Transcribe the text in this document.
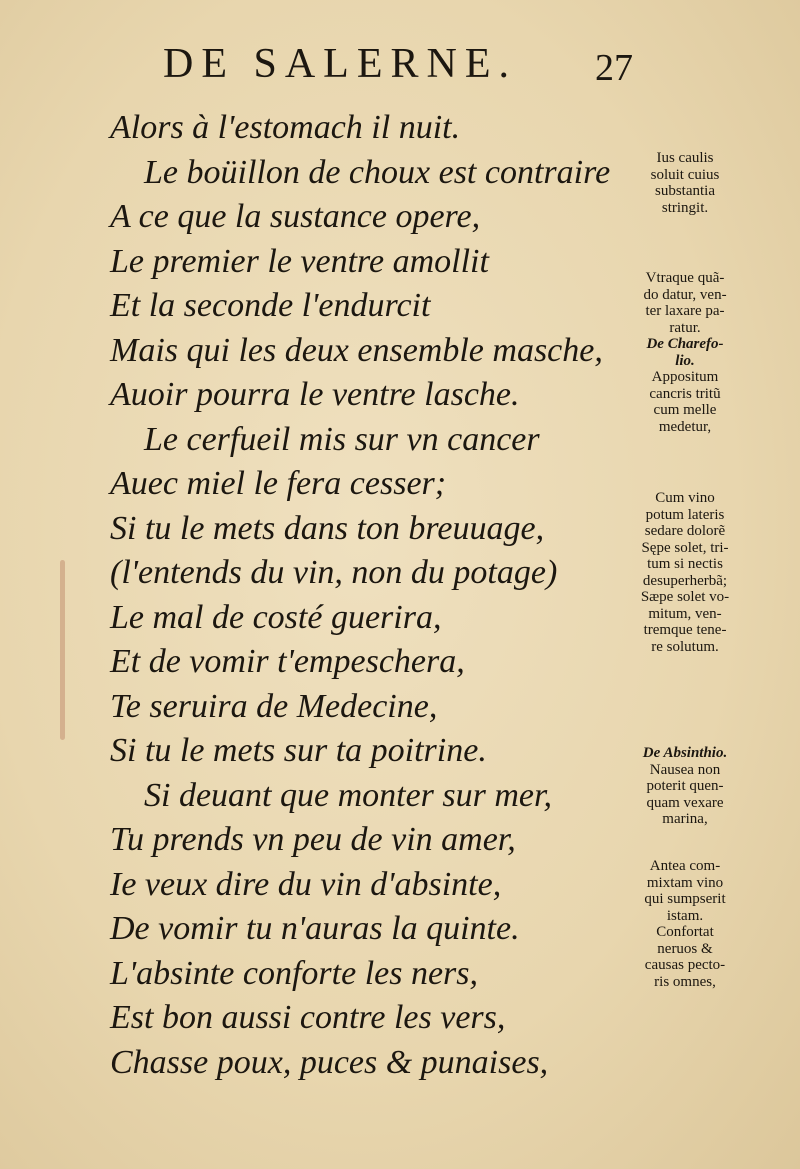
DE SALERNE. 27
Alors à l'estomach il nuit.
Le boüillon de choux est contraire
A ce que la sustance opere,
Le premier le ventre amollit
Et la seconde l'endurcit
Mais qui les deux ensemble masche,
Auoir pourra le ventre lasche.
Le cerfueil mis sur vn cancer
Auec miel le fera cesser;
Si tu le mets dans ton breuuage,
(l'entends du vin, non du potage)
Le mal de costé guerira,
Et de vomir t'empeschera,
Te seruira de Medecine,
Si tu le mets sur ta poitrine.
Si deuant que monter sur mer,
Tu prends vn peu de vin amer,
Ie veux dire du vin d'absinte,
De vomir tu n'auras la quinte.
L'absinte conforte les ners,
Est bon aussi contre les vers,
Chasse poux, puces & punaises,
Ius caulis
soluit cuius
substantia
stringit.
Vtraque quã-
do datur, ven-
ter laxare pa-
ratur.
De Charefo-
lio.
Appositum
cancris tritũ
cum melle
medetur,
Cum vino
potum lateris
sedare dolorẽ
Sępe solet, tri-
tum si nectis
desuperherbã;
Sæpe solet vo-
mitum, ven-
tremque tene-
re solutum.
De Absinthio.
Nausea non
poterit quen-
quam vexare
marina,
Antea com-
mixtam vino
qui sumpserit
istam.
Confortat
neruos &
causas pecto-
ris omnes,
